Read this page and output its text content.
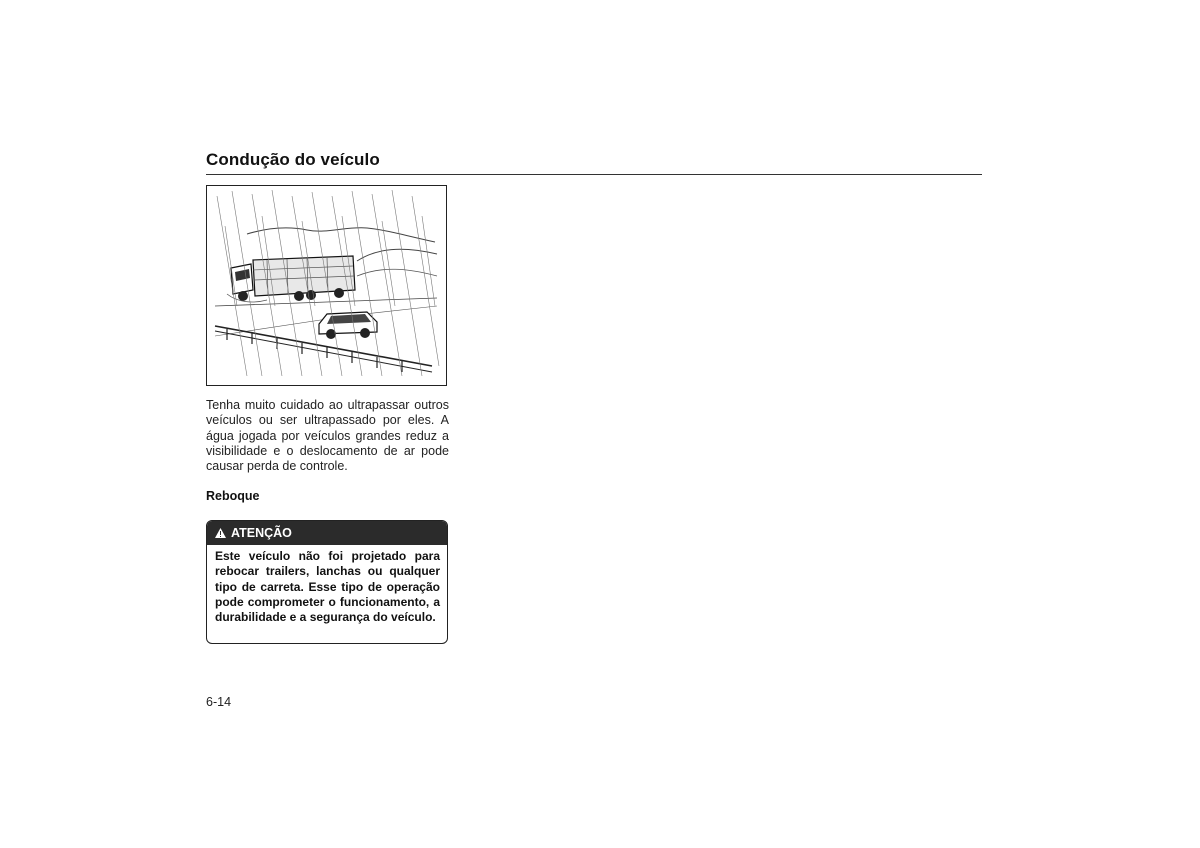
Condução do veículo
Tenha muito cuidado ao ultrapassar outros veículos ou ser ultrapassado por eles. A água jogada por veículos grandes reduz a visibilidade e o deslocamento de ar pode causar perda de controle.
Reboque
ATENÇÃO
Este veículo não foi projetado para rebocar trailers, lanchas ou qualquer tipo de carreta. Esse tipo de operação pode comprometer o funcionamento, a durabilidade e a segurança do veículo.
6-14
